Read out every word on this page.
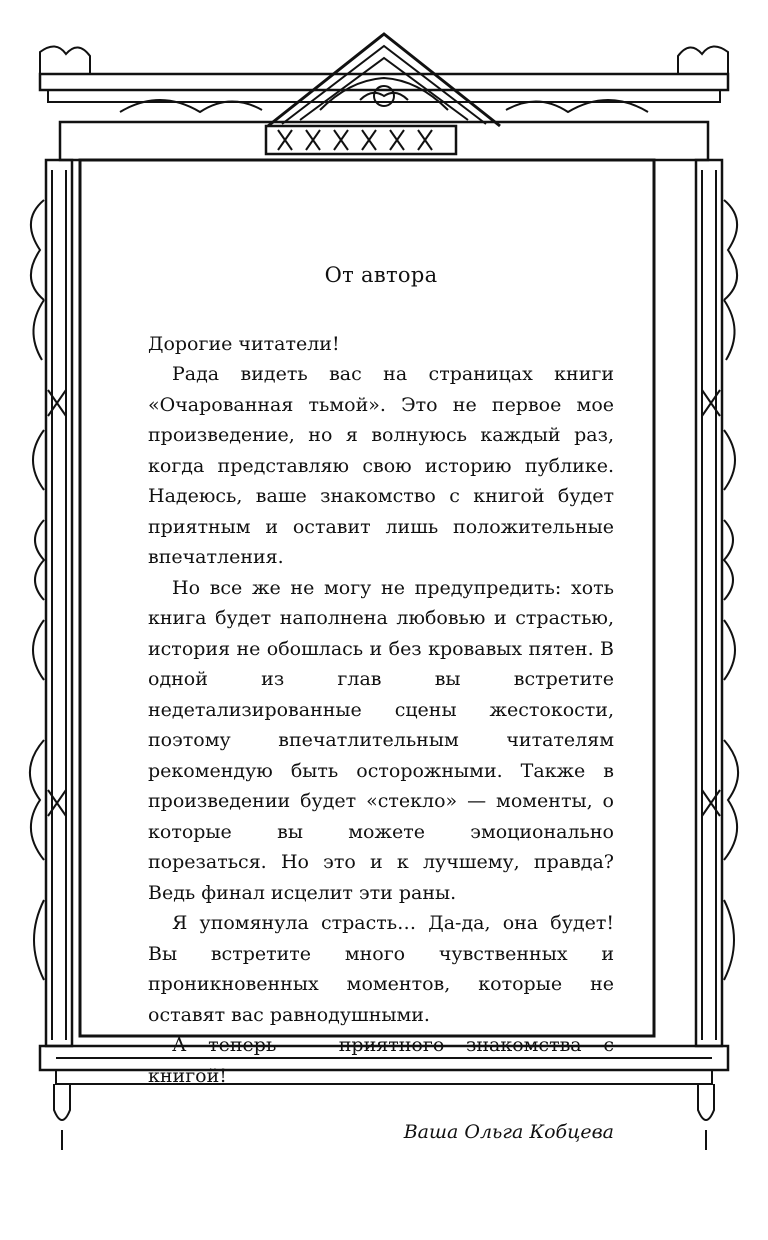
От автора

Дорогие читатели!

Рада видеть вас на страницах книги «Очарованная тьмой». Это не первое мое произведение, но я волнуюсь каждый раз, когда представляю свою историю публике. Надеюсь, ваше знакомство с книгой будет приятным и оставит лишь положительные впечатления.

Но все же не могу не предупредить: хоть книга будет наполнена любовью и страстью, история не обошлась и без кровавых пятен. В одной из глав вы встретите недетализированные сцены жестокости, поэтому впечатлительным читателям рекомендую быть осторожными. Также в произведении будет «стекло» — моменты, о которые вы можете эмоционально порезаться. Но это и к лучшему, правда? Ведь финал исцелит эти раны.

Я упомянула страсть… Да-да, она будет! Вы встретите много чувственных и проникновенных моментов, которые не оставят вас равнодушными.

А теперь — приятного знакомства с книгой!

Ваша Ольга Кобцева
